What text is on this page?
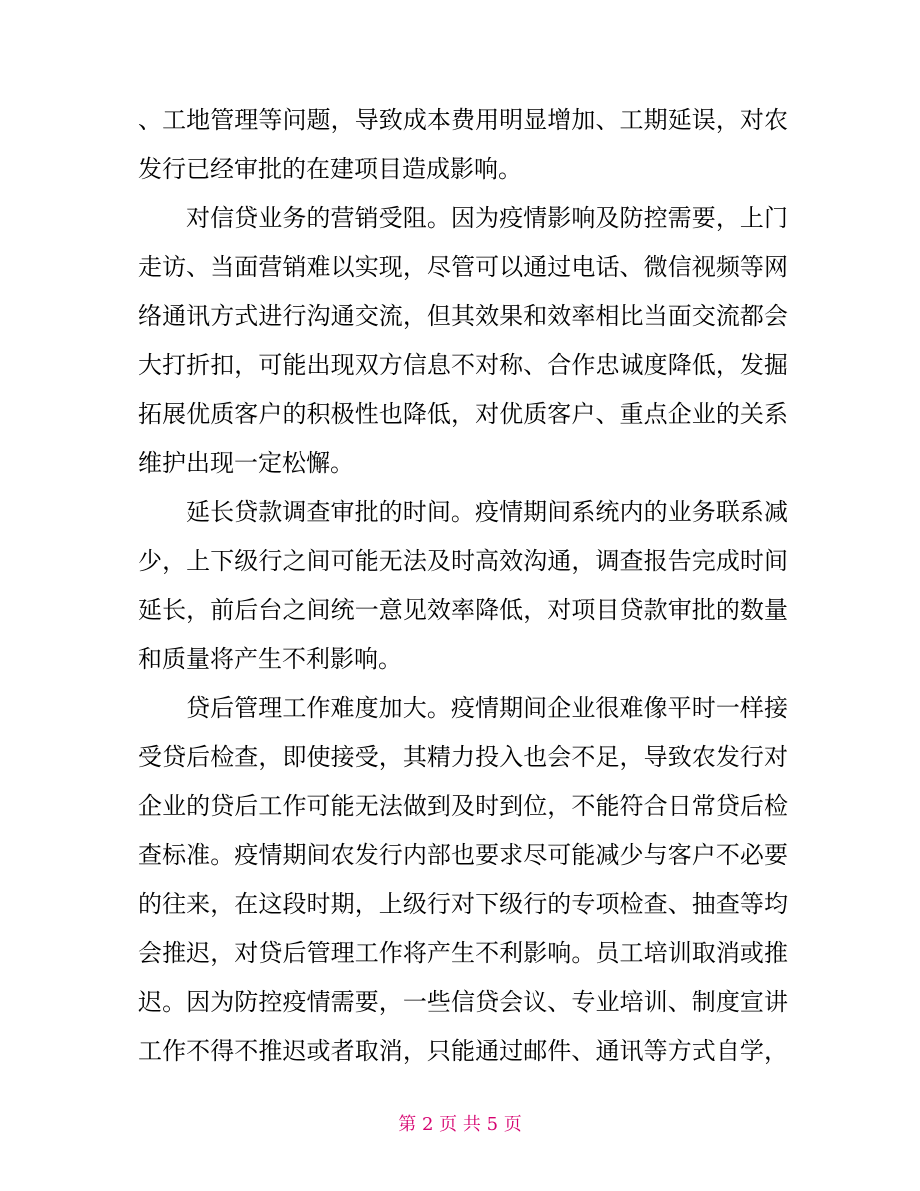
、工地管理等问题，导致成本费用明显增加、工期延误，对农
发行已经审批的在建项目造成影响。
对信贷业务的营销受阻。因为疫情影响及防控需要，上门
走访、当面营销难以实现，尽管可以通过电话、微信视频等网
络通讯方式进行沟通交流，但其效果和效率相比当面交流都会
大打折扣，可能出现双方信息不对称、合作忠诚度降低，发掘
拓展优质客户的积极性也降低，对优质客户、重点企业的关系
维护出现一定松懈。
延长贷款调查审批的时间。疫情期间系统内的业务联系减
少，上下级行之间可能无法及时高效沟通，调查报告完成时间
延长，前后台之间统一意见效率降低，对项目贷款审批的数量
和质量将产生不利影响。
贷后管理工作难度加大。疫情期间企业很难像平时一样接
受贷后检查，即使接受，其精力投入也会不足，导致农发行对
企业的贷后工作可能无法做到及时到位，不能符合日常贷后检
查标准。疫情期间农发行内部也要求尽可能减少与客户不必要
的往来，在这段时期，上级行对下级行的专项检查、抽查等均
会推迟，对贷后管理工作将产生不利影响。员工培训取消或推
迟。因为防控疫情需要，一些信贷会议、专业培训、制度宣讲
工作不得不推迟或者取消，只能通过邮件、通讯等方式自学，
第 2 页 共 5 页
